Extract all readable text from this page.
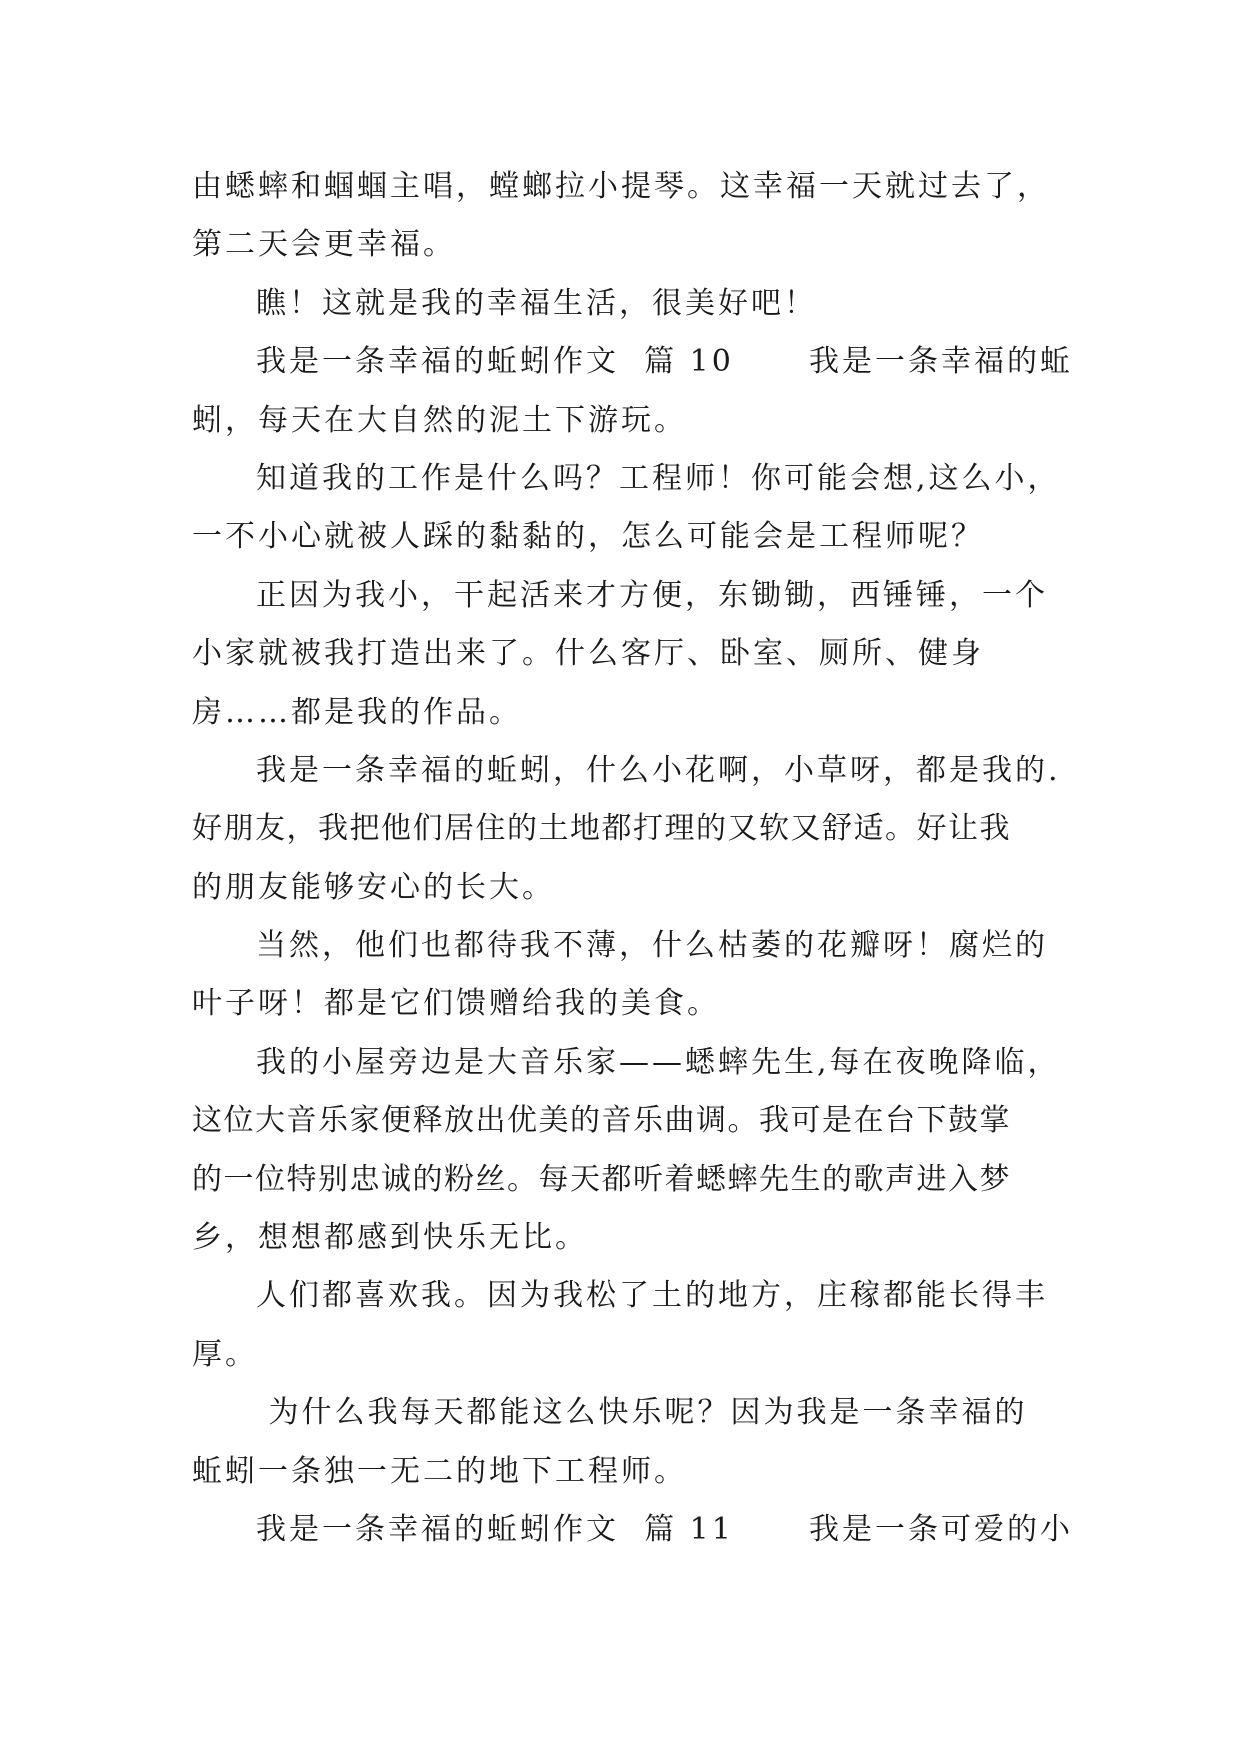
由蟋蟀和蝈蝈主唱，螳螂拉小提琴。这幸福一天就过去了，
第二天会更幸福。
瞧！这就是我的幸福生活，很美好吧！
我是一条幸福的蚯蚓作文  篇 10      我是一条幸福的蚯
蚓，每天在大自然的泥土下游玩。
知道我的工作是什么吗？工程师！你可能会想,这么小，
一不小心就被人踩的黏黏的，怎么可能会是工程师呢？
正因为我小，干起活来才方便，东锄锄，西锤锤，一个
小家就被我打造出来了。什么客厅、卧室、厕所、健身
房……都是我的作品。
我是一条幸福的蚯蚓，什么小花啊，小草呀，都是我的.
好朋友，我把他们居住的土地都打理的又软又舒适。好让我
的朋友能够安心的长大。
当然，他们也都待我不薄，什么枯萎的花瓣呀！腐烂的
叶子呀！都是它们馈赠给我的美食。
我的小屋旁边是大音乐家——蟋蟀先生,每在夜晚降临，
这位大音乐家便释放出优美的音乐曲调。我可是在台下鼓掌
的一位特别忠诚的粉丝。每天都听着蟋蟀先生的歌声进入梦
乡，想想都感到快乐无比。
人们都喜欢我。因为我松了土的地方，庄稼都能长得丰
厚。
为什么我每天都能这么快乐呢？因为我是一条幸福的
蚯蚓一条独一无二的地下工程师。
我是一条幸福的蚯蚓作文  篇 11      我是一条可爱的小
